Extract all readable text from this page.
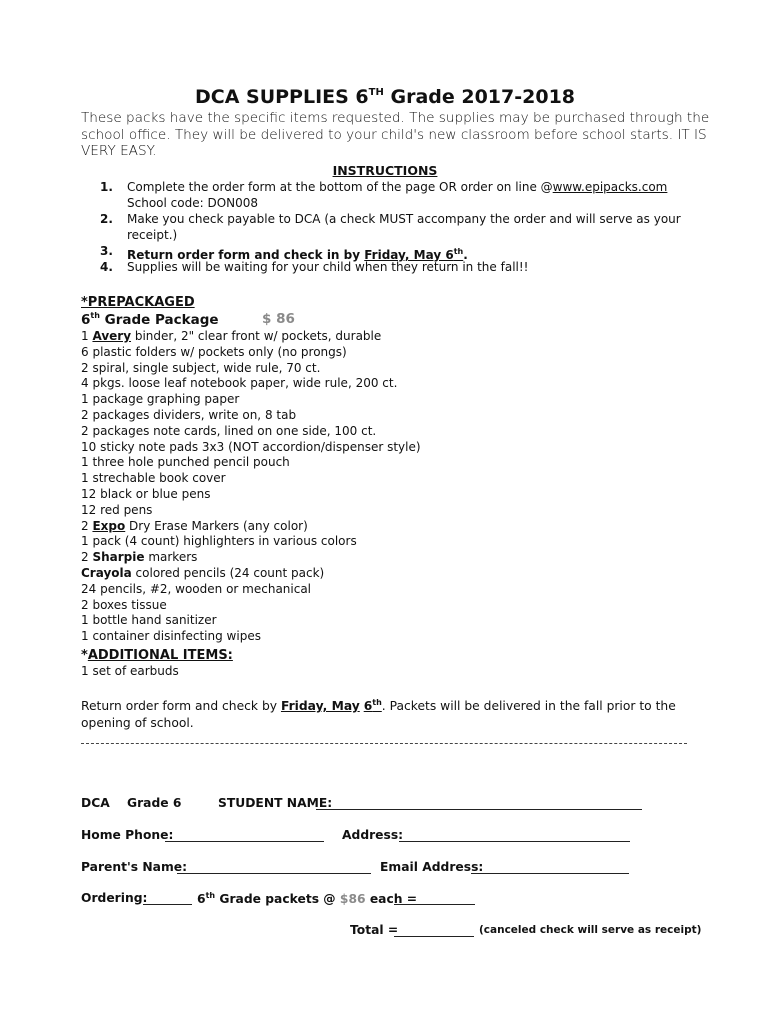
DCA SUPPLIES 6TH Grade 2017-2018
These packs have the specific items requested. The supplies may be purchased through the school office. They will be delivered to your child's new classroom before school starts. IT IS VERY EASY.
INSTRUCTIONS
1. Complete the order form at the bottom of the page OR order on line @www.epipacks.com
School code: DON008
2. Make you check payable to DCA (a check MUST accompany the order and will serve as your receipt.)
3. Return order form and check in by Friday, May 6th.
4. Supplies will be waiting for your child when they return in the fall!!
*PREPACKAGED
6th Grade Package	$ 86
1 Avery binder, 2" clear front w/ pockets, durable
6 plastic folders w/ pockets only (no prongs)
2 spiral, single subject, wide rule, 70 ct.
4 pkgs. loose leaf notebook paper, wide rule, 200 ct.
1 package graphing paper
2 packages dividers, write on, 8 tab
2 packages note cards, lined on one side, 100 ct.
10 sticky note pads 3x3 (NOT accordion/dispenser style)
1 three hole punched pencil pouch
1 strechable book cover
12 black or blue pens
12 red pens
2 Expo Dry Erase Markers (any color)
1 pack (4 count) highlighters in various colors
2 Sharpie markers
Crayola colored pencils (24 count pack)
24 pencils, #2, wooden or mechanical
2 boxes tissue
1 bottle hand sanitizer
1 container disinfecting wipes
*ADDITIONAL ITEMS:
1 set of earbuds
Return order form and check by Friday, May 6th. Packets will be delivered in the fall prior to the opening of school.
DCA Grade 6	STUDENT NAME:
Home Phone:	Address:
Parent's Name:	Email Address:
Ordering:	6th Grade packets @ $86 each =
Total =	(canceled check will serve as receipt)
